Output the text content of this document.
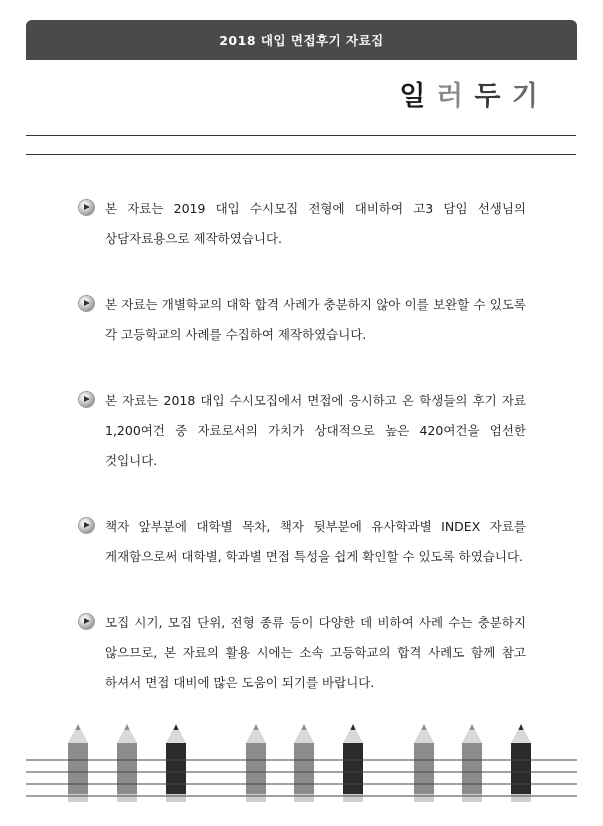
2018 대입 면접후기 자료집
일 러 두 기

본 자료는 2019 대입 수시모집 전형에 대비하여 고3 담임 선생님의 상담자료용으로 제작하였습니다.

본 자료는 개별학교의 대학 합격 사례가 충분하지 않아 이를 보완할 수 있도록 각 고등학교의 사례를 수집하여 제작하였습니다.

본 자료는 2018 대입 수시모집에서 면접에 응시하고 온 학생들의 후기 자료 1,200여건 중 자료로서의 가치가 상대적으로 높은 420여건을 엄선한 것입니다.

책자 앞부분에 대학별 목차, 책자 뒷부분에 유사학과별 INDEX 자료를 게재함으로써 대학별, 학과별 면접 특성을 쉽게 확인할 수 있도록 하였습니다.

모집 시기, 모집 단위, 전형 종류 등이 다양한 데 비하여 사례 수는 충분하지 않으므로, 본 자료의 활용 시에는 소속 고등학교의 합격 사례도 함께 참고 하셔서 면접 대비에 많은 도움이 되기를 바랍니다.
